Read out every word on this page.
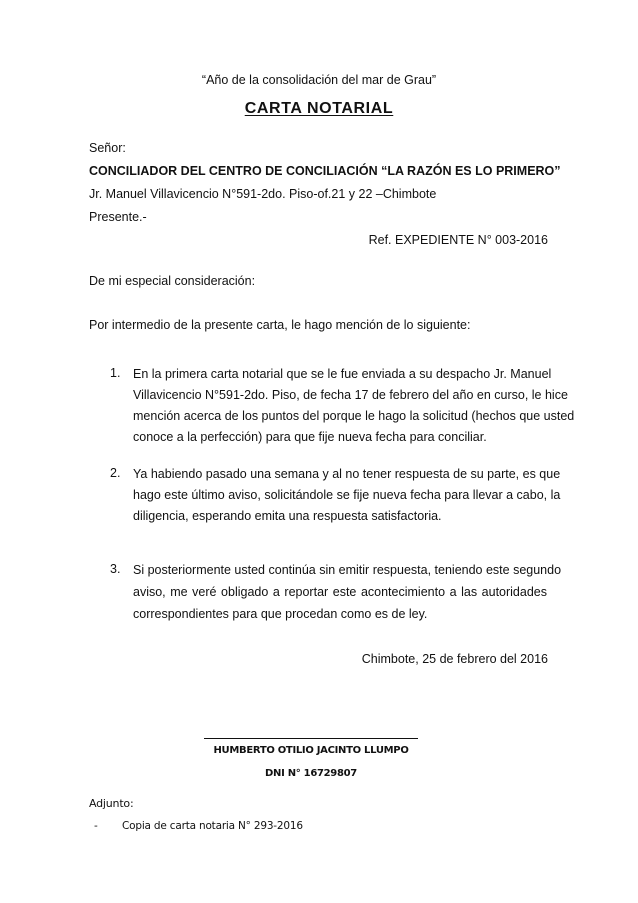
“Año de la consolidación del mar de Grau”
CARTA NOTARIAL
Señor:
CONCILIADOR DEL CENTRO DE CONCILIACIÓN “LA RAZÓN ES LO PRIMERO”
Jr. Manuel Villavicencio N°591-2do. Piso-of.21 y 22 –Chimbote
Presente.-
Ref. EXPEDIENTE N° 003-2016
De mi especial consideración:
Por intermedio de la presente carta, le hago mención de lo siguiente:
1. En la primera carta notarial que se le fue enviada a su despacho Jr. Manuel
Villavicencio N°591-2do. Piso, de fecha 17 de febrero del año en curso, le hice
mención acerca de los puntos del porque le hago la solicitud (hechos que usted
conoce a la perfección) para que fije nueva fecha para conciliar.
2. Ya habiendo pasado una semana y al no tener respuesta de su parte, es que
hago este último aviso, solicitándole se fije nueva fecha para llevar a cabo, la
diligencia, esperando emita una respuesta satisfactoria.
3. Si posteriormente usted continúa sin emitir respuesta, teniendo este segundo
aviso, me veré obligado a reportar este acontecimiento a las autoridades
correspondientes para que procedan como es de ley.
Chimbote, 25 de febrero del 2016
HUMBERTO OTILIO JACINTO LLUMPO
DNI N° 16729807
Adjunto:
- Copia de carta notaria N° 293-2016
